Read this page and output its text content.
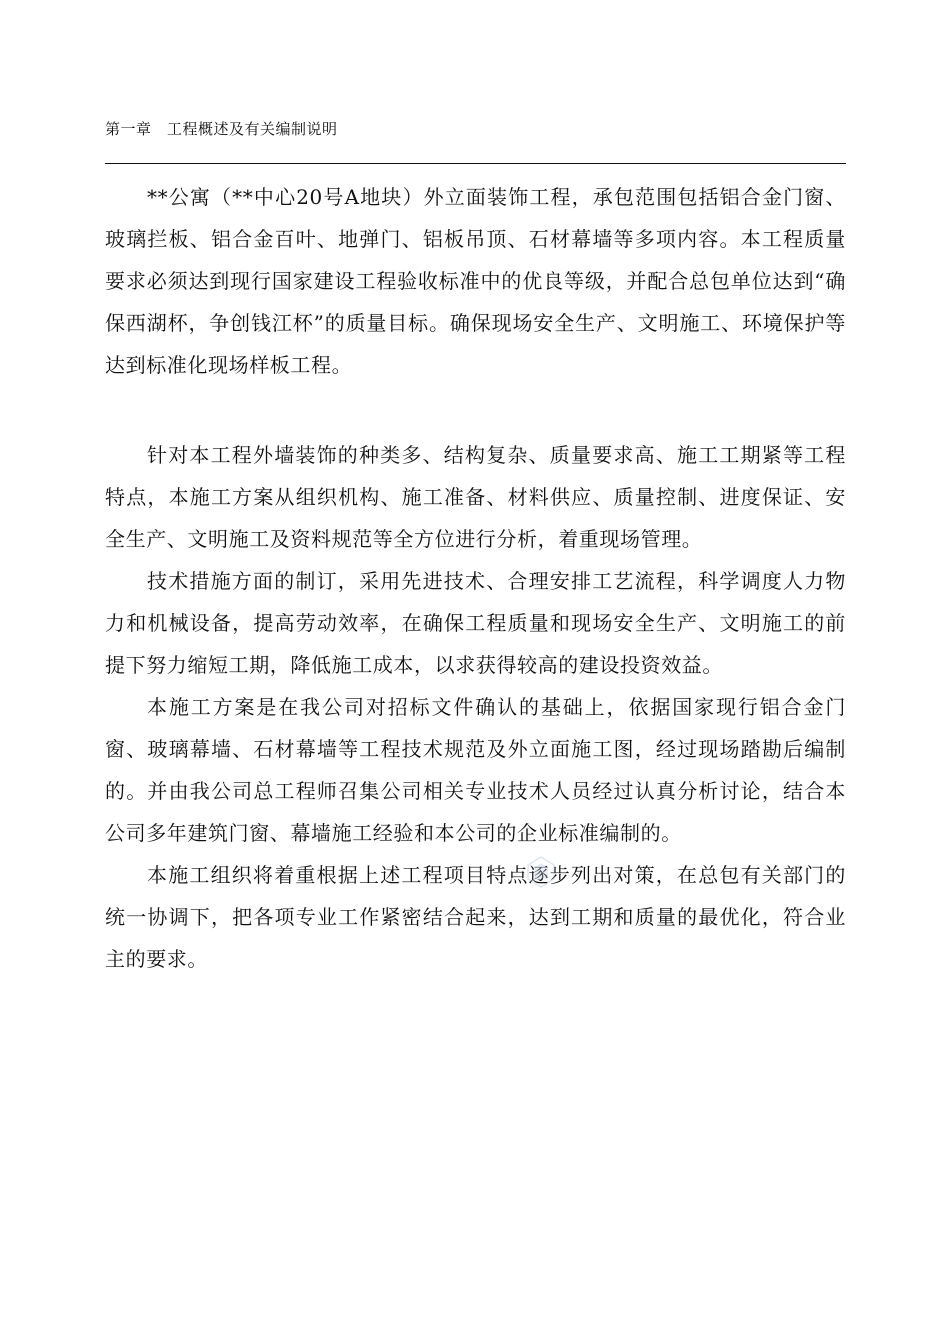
第一章　工程概述及有关编制说明

**公寓（**中心20号A地块）外立面装饰工程，承包范围包括铝合金门窗、玻璃拦板、铝合金百叶、地弹门、铝板吊顶、石材幕墙等多项内容。本工程质量要求必须达到现行国家建设工程验收标准中的优良等级，并配合总包单位达到“确保西湖杯，争创钱江杯”的质量目标。确保现场安全生产、文明施工、环境保护等达到标准化现场样板工程。

针对本工程外墙装饰的种类多、结构复杂、质量要求高、施工工期紧等工程特点，本施工方案从组织机构、施工准备、材料供应、质量控制、进度保证、安全生产、文明施工及资料规范等全方位进行分析，着重现场管理。

技术措施方面的制订，采用先进技术、合理安排工艺流程，科学调度人力物力和机械设备，提高劳动效率，在确保工程质量和现场安全生产、文明施工的前提下努力缩短工期，降低施工成本，以求获得较高的建设投资效益。

本施工方案是在我公司对招标文件确认的基础上，依据国家现行铝合金门窗、玻璃幕墙、石材幕墙等工程技术规范及外立面施工图，经过现场踏勘后编制的。并由我公司总工程师召集公司相关专业技术人员经过认真分析讨论，结合本公司多年建筑门窗、幕墙施工经验和本公司的企业标准编制的。

本施工组织将着重根据上述工程项目特点逐步列出对策，在总包有关部门的统一协调下，把各项专业工作紧密结合起来，达到工期和质量的最优化，符合业主的要求。
